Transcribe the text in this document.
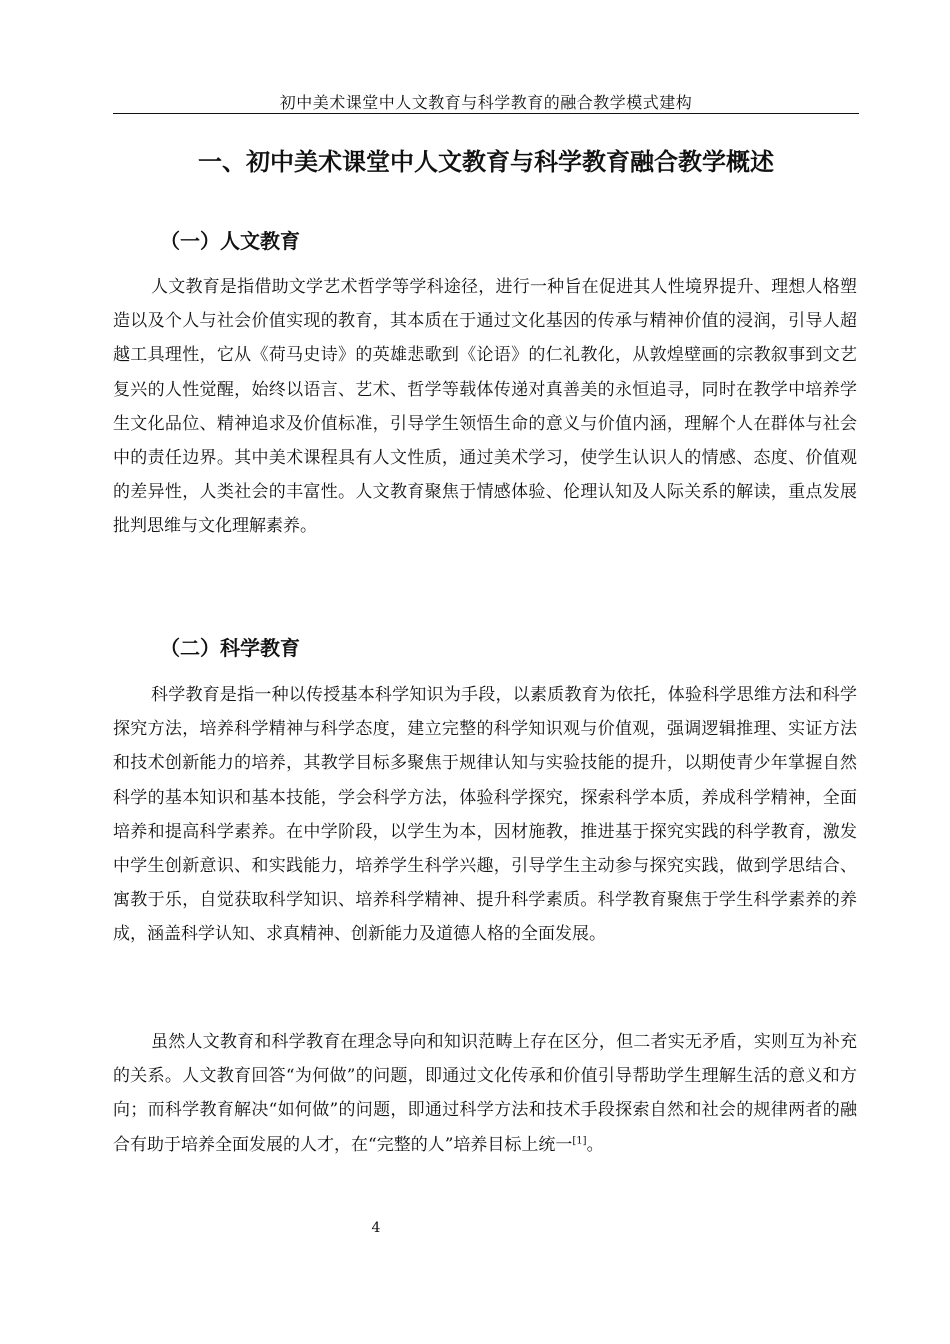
初中美术课堂中人文教育与科学教育的融合教学模式建构
一、初中美术课堂中人文教育与科学教育融合教学概述
（一）人文教育

人文教育是指借助文学艺术哲学等学科途径，进行一种旨在促进其人性境界提升、理想人格塑造以及个人与社会价值实现的教育，其本质在于通过文化基因的传承与精神价值的浸润，引导人超越工具理性，它从《荷马史诗》的英雄悲歌到《论语》的仁礼教化，从敦煌壁画的宗教叙事到文艺复兴的人性觉醒，始终以语言、艺术、哲学等载体传递对真善美的永恒追寻，同时在教学中培养学生文化品位、精神追求及价值标准，引导学生领悟生命的意义与价值内涵，理解个人在群体与社会中的责任边界。其中美术课程具有人文性质，通过美术学习，使学生认识人的情感、态度、价值观的差异性，人类社会的丰富性。人文教育聚焦于情感体验、伦理认知及人际关系的解读，重点发展批判思维与文化理解素养。

（二）科学教育

科学教育是指一种以传授基本科学知识为手段，以素质教育为依托，体验科学思维方法和科学探究方法，培养科学精神与科学态度，建立完整的科学知识观与价值观，强调逻辑推理、实证方法和技术创新能力的培养，其教学目标多聚焦于规律认知与实验技能的提升，以期使青少年掌握自然科学的基本知识和基本技能，学会科学方法，体验科学探究，探索科学本质，养成科学精神，全面培养和提高科学素养。在中学阶段，以学生为本，因材施教，推进基于探究实践的科学教育，激发中学生创新意识、和实践能力，培养学生科学兴趣，引导学生主动参与探究实践，做到学思结合、寓教于乐，自觉获取科学知识、培养科学精神、提升科学素质。科学教育聚焦于学生科学素养的养成，涵盖科学认知、求真精神、创新能力及道德人格的全面发展。

虽然人文教育和科学教育在理念导向和知识范畴上存在区分，但二者实无矛盾，实则互为补充的关系。人文教育回答“为何做”的问题，即通过文化传承和价值引导帮助学生理解生活的意义和方向；而科学教育解决“如何做”的问题，即通过科学方法和技术手段探索自然和社会的规律两者的融合有助于培养全面发展的人才，在“完整的人”培养目标上统一[1]。

4
